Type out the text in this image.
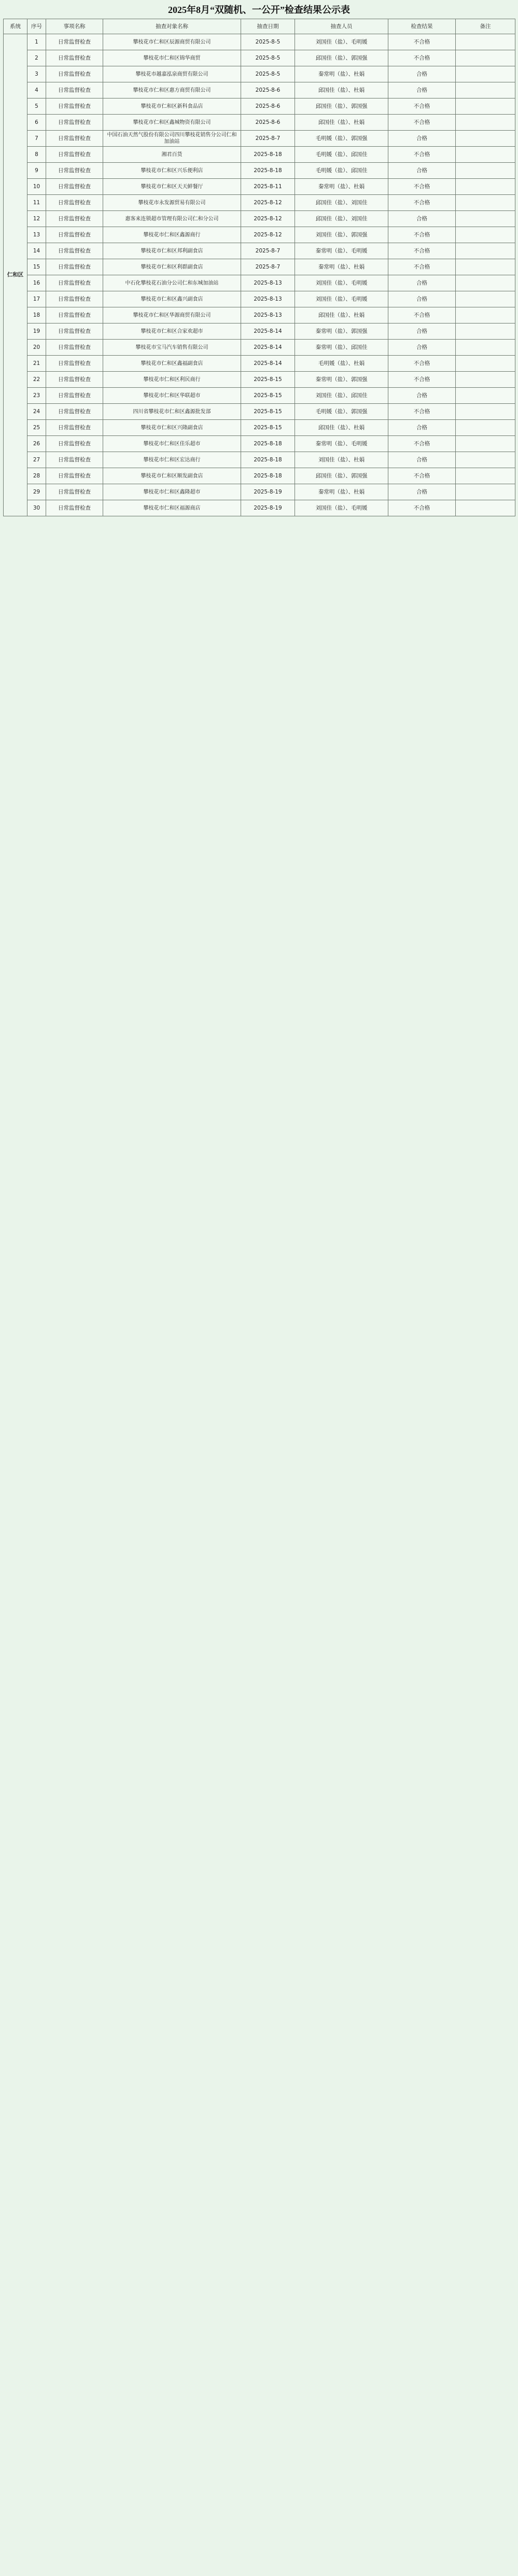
2025年8月“双随机、一公开”检查结果公示表
系统	序号	事项名称	抽查对象名称	抽查日期	抽查人员	检查结果	备注
仁和区	1	日常监督检查	攀枝花市仁和区辰源商贸有限公司	2025-8-5	刘国佳（盐）、毛明媛	不合格	
	2	日常监督检查	攀枝花市仁和区锦华商贸	2025-8-5	邱国佳（盐）、郭国强	不合格	
	3	日常监督检查	攀枝花市越嘉泓泉商贸有限公司	2025-8-5	秦常明（盐）、杜娟	合格	
	4	日常监督检查	攀枝花市仁和区惠方商贸有限公司	2025-8-6	邱国佳（盐）、杜娟	合格	
	5	日常监督检查	攀枝花市仁和区新科食品店	2025-8-6	邱国佳（盐）、郭国强	不合格	
	6	日常监督检查	攀枝花市仁和区鑫城物资有限公司	2025-8-6	邱国佳（盐）、杜娟	不合格	
	7	日常监督检查	中国石油天然气股份有限公司四川攀枝花销售分公司仁和加油站	2025-8-7	毛明媛（盐）、郭国强	合格	
	8	日常监督检查	湘君百货	2025-8-18	毛明媛（盐）、邱国佳	不合格	
	9	日常监督检查	攀枝花市仁和区兴乐便利店	2025-8-18	毛明媛（盐）、邱国佳	合格	
	10	日常监督检查	攀枝花市仁和区天天鲜餐厅	2025-8-11	秦常明（盐）、杜娟	不合格	
	11	日常监督检查	攀枝花市永发源贸易有限公司	2025-8-12	邱国佳（盐）、刘国佳	不合格	
	12	日常监督检查	惠客来连锁超市管理有限公司仁和分公司	2025-8-12	邱国佳（盐）、刘国佳	合格	
	13	日常监督检查	攀枝花市仁和区鑫源商行	2025-8-12	刘国佳（盐）、郭国强	不合格	
	14	日常监督检查	攀枝花市仁和区邦利副食店	2025-8-7	秦常明（盐）、毛明媛	不合格	
	15	日常监督检查	攀枝花市仁和区利群副食店	2025-8-7	秦常明（盐）、杜娟	不合格	
	16	日常监督检查	中石化攀枝花石油分公司仁和东城加油站	2025-8-13	刘国佳（盐）、毛明媛	合格	
	17	日常监督检查	攀枝花市仁和区鑫兴副食店	2025-8-13	刘国佳（盐）、毛明媛	合格	
	18	日常监督检查	攀枝花市仁和区华源商贸有限公司	2025-8-13	邱国佳（盐）、杜娟	不合格	
	19	日常监督检查	攀枝花市仁和区合家欢超市	2025-8-14	秦常明（盐）、郭国强	合格	
	20	日常监督检查	攀枝花市宝马汽车销售有限公司	2025-8-14	秦常明（盐）、邱国佳	合格	
	21	日常监督检查	攀枝花市仁和区鑫福副食店	2025-8-14	毛明媛（盐）、杜娟	不合格	
	22	日常监督检查	攀枝花市仁和区利民商行	2025-8-15	秦常明（盐）、郭国强	不合格	
	23	日常监督检查	攀枝花市仁和区华联超市	2025-8-15	刘国佳（盐）、邱国佳	合格	
	24	日常监督检查	四川省攀枝花市仁和区鑫源批发部	2025-8-15	毛明媛（盐）、郭国强	不合格	
	25	日常监督检查	攀枝花市仁和区兴隆副食店	2025-8-15	邱国佳（盐）、杜娟	合格	
	26	日常监督检查	攀枝花市仁和区佳乐超市	2025-8-18	秦常明（盐）、毛明媛	不合格	
	27	日常监督检查	攀枝花市仁和区宏达商行	2025-8-18	刘国佳（盐）、杜娟	合格	
	28	日常监督检查	攀枝花市仁和区顺发副食店	2025-8-18	邱国佳（盐）、郭国强	不合格	
	29	日常监督检查	攀枝花市仁和区鑫隆超市	2025-8-19	秦常明（盐）、杜娟	合格	
	30	日常监督检查	攀枝花市仁和区福源商店	2025-8-19	刘国佳（盐）、毛明媛	不合格	
